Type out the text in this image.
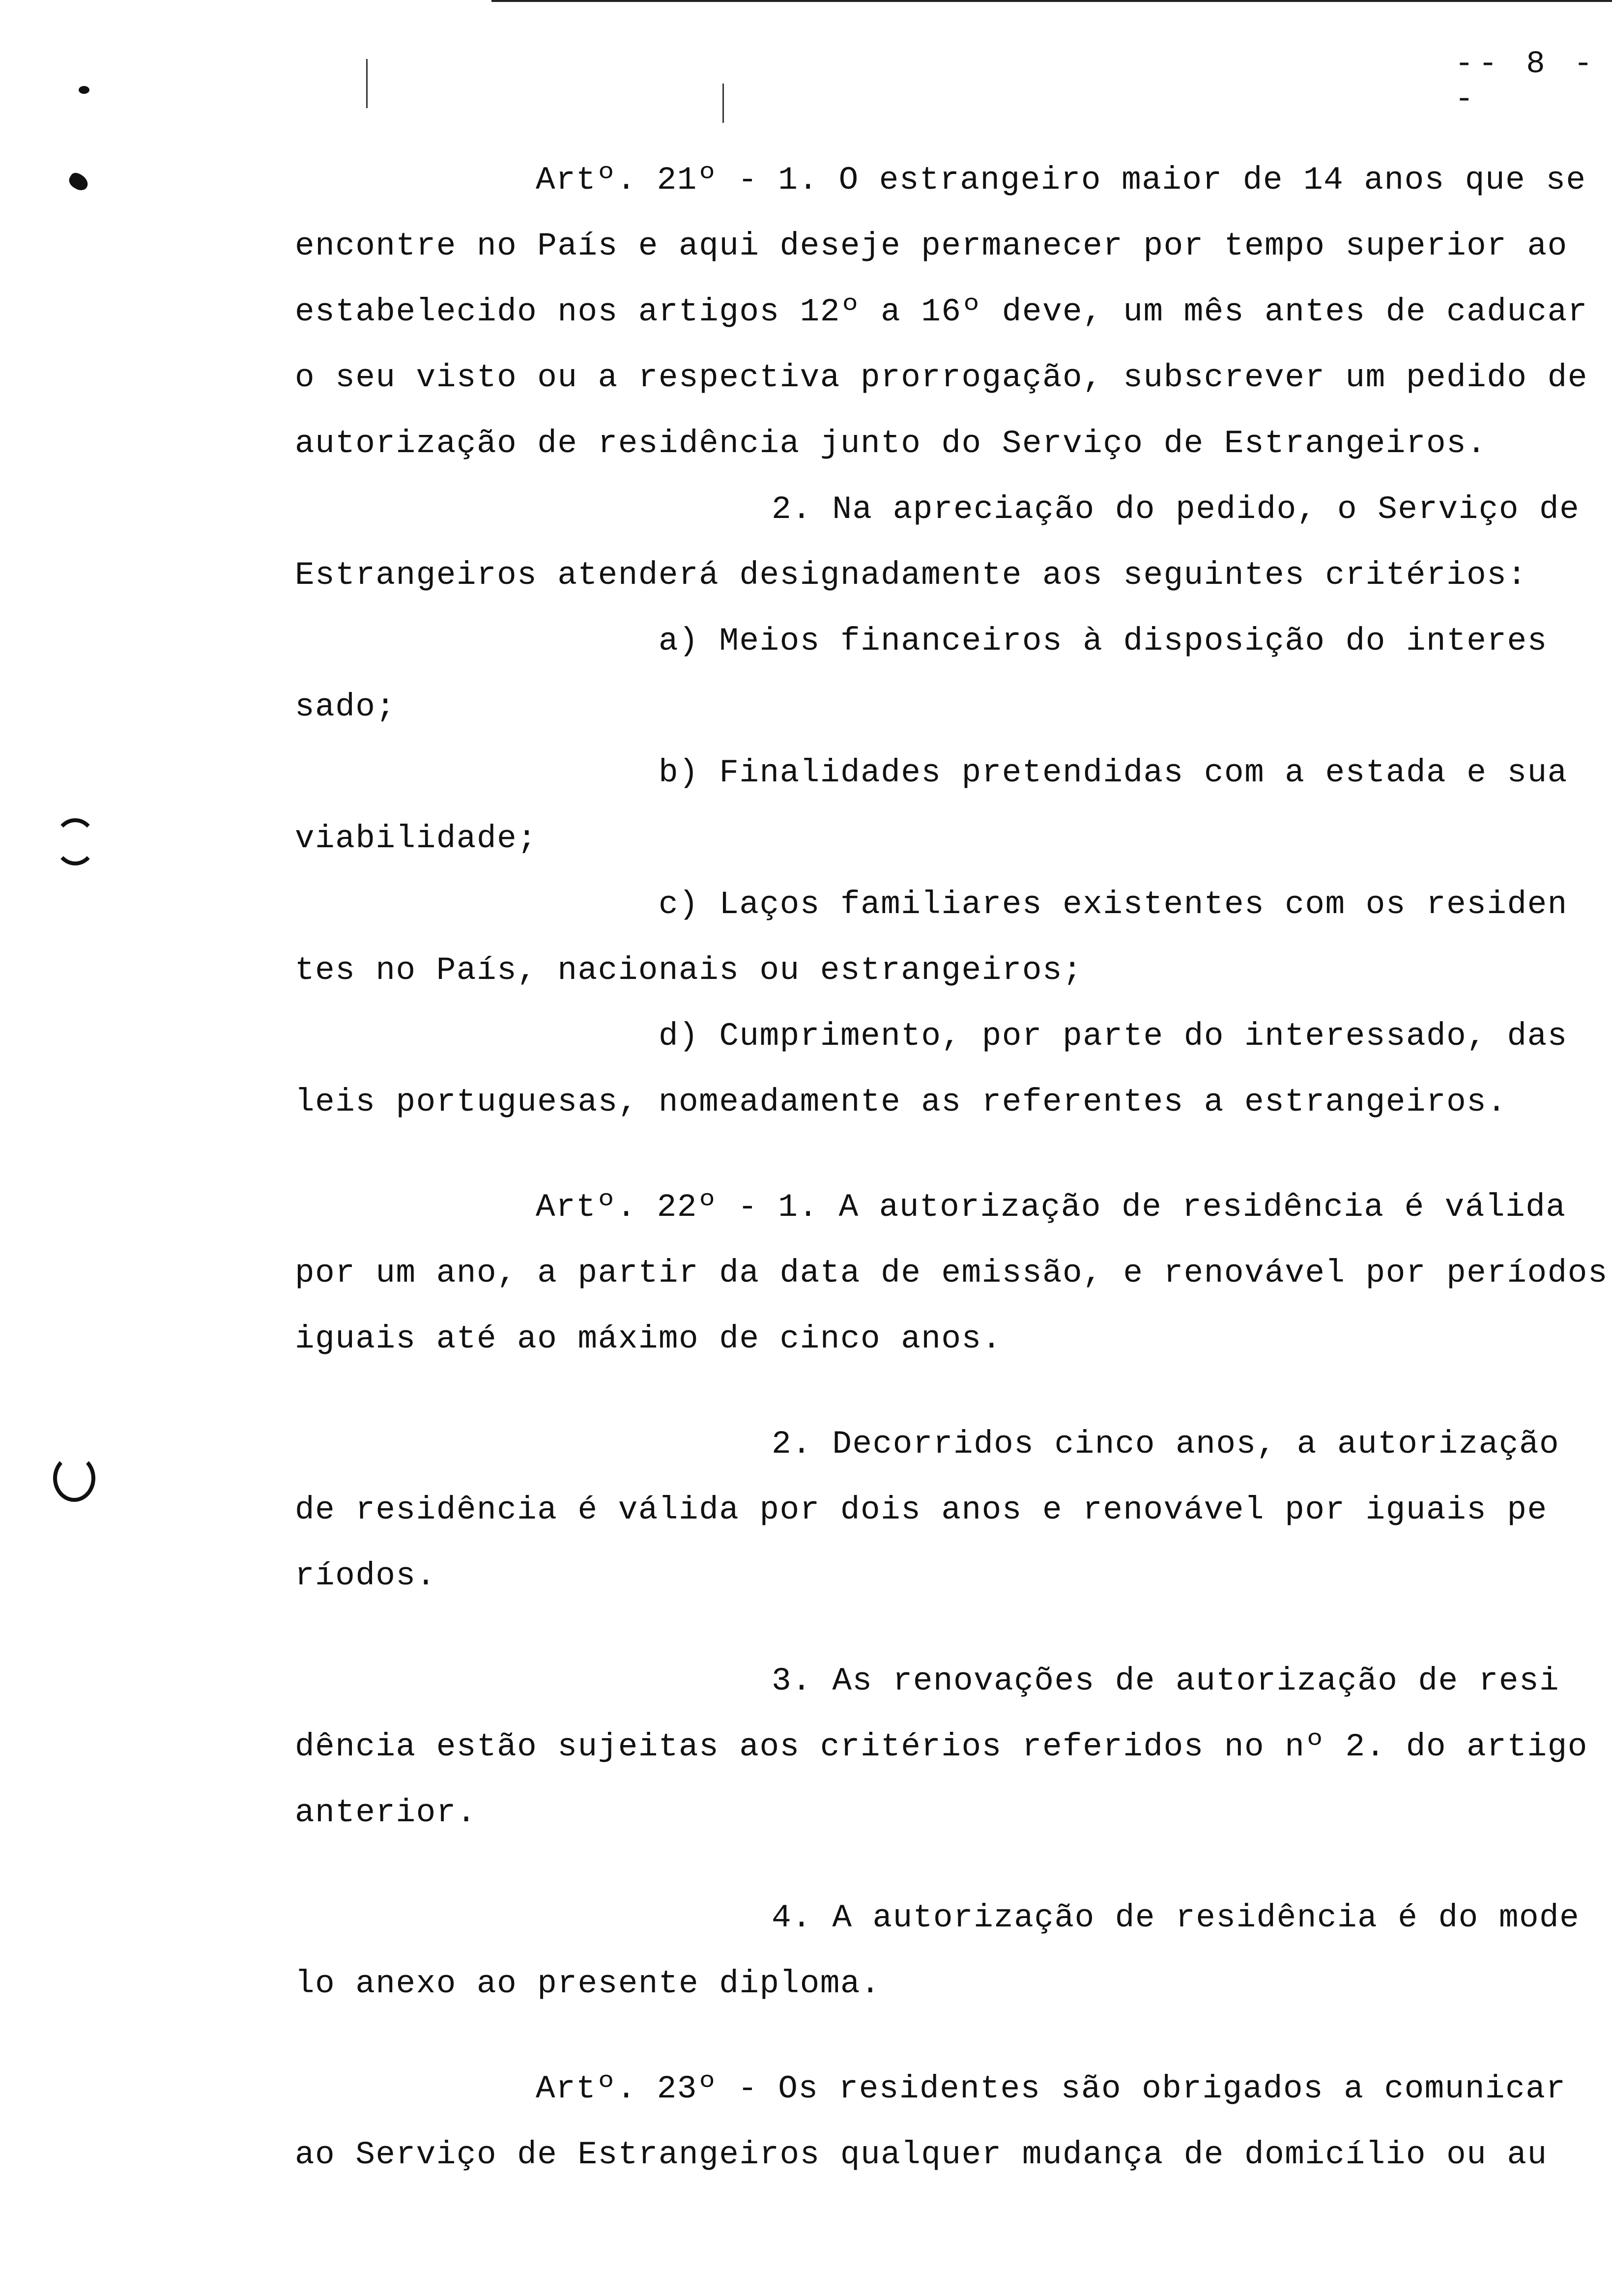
-- 8 --
Artº. 21º - 1. O estrangeiro maior de 14 anos que se
encontre no País e aqui deseje permanecer por tempo superior ao
estabelecido nos artigos 12º a 16º deve, um mês antes de caducar
o seu visto ou a respectiva prorrogação, subscrever um pedido de
autorização de residência junto do Serviço de Estrangeiros.
2. Na apreciação do pedido, o Serviço de
Estrangeiros atenderá designadamente aos seguintes critérios:
a) Meios financeiros à disposição do interes
sado;
b) Finalidades pretendidas com a estada e sua
viabilidade;
c) Laços familiares existentes com os residen
tes no País, nacionais ou estrangeiros;
d) Cumprimento, por parte do interessado, das
leis portuguesas, nomeadamente as referentes a estrangeiros.
Artº. 22º - 1. A autorização de residência é válida
por um ano, a partir da data de emissão, e renovável por períodos
iguais até ao máximo de cinco anos.
2. Decorridos cinco anos, a autorização
de residência é válida por dois anos e renovável por iguais pe
ríodos.
3. As renovações de autorização de resi
dência estão sujeitas aos critérios referidos no nº 2. do artigo
anterior.
4. A autorização de residência é do mode
lo anexo ao presente diploma.
Artº. 23º - Os residentes são obrigados a comunicar
ao Serviço de Estrangeiros qualquer mudança de domicílio ou au
